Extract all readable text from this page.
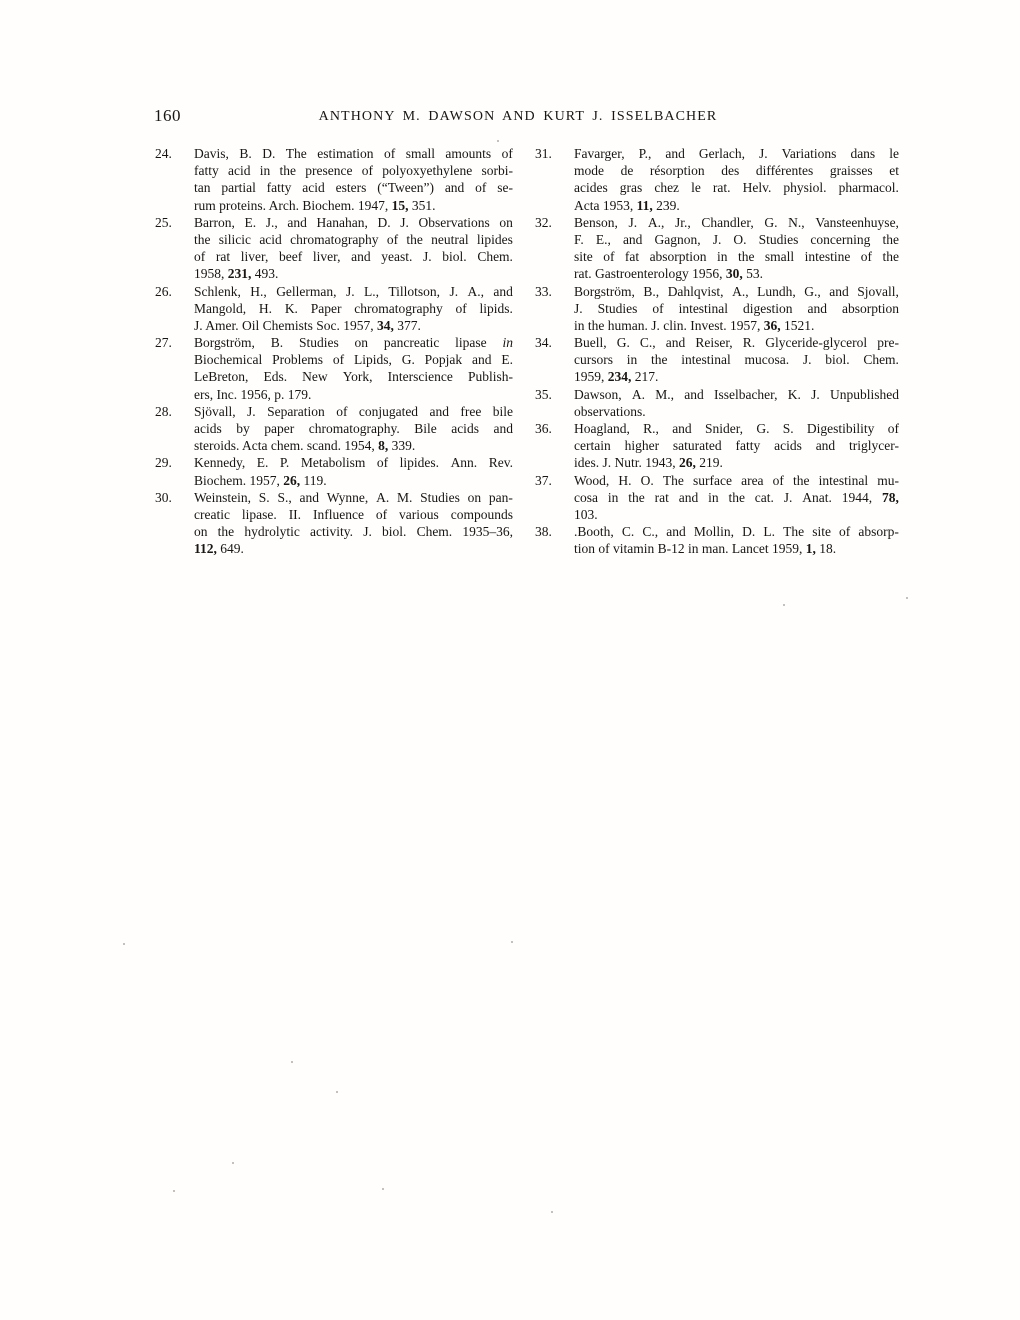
160	ANTHONY M. DAWSON AND KURT J. ISSELBACHER
24. Davis, B. D. The estimation of small amounts of
fatty acid in the presence of polyoxyethylene sorbi-
tan partial fatty acid esters (“Tween”) and of se-
rum proteins. Arch. Biochem. 1947, 15, 351.
25. Barron, E. J., and Hanahan, D. J. Observations on
the silicic acid chromatography of the neutral lipides
of rat liver, beef liver, and yeast. J. biol. Chem.
1958, 231, 493.
26. Schlenk, H., Gellerman, J. L., Tillotson, J. A., and
Mangold, H. K. Paper chromatography of lipids.
J. Amer. Oil Chemists Soc. 1957, 34, 377.
27. Borgström, B. Studies on pancreatic lipase in
Biochemical Problems of Lipids, G. Popjak and E.
LeBreton, Eds. New York, Interscience Publish-
ers, Inc. 1956, p. 179.
28. Sjövall, J. Separation of conjugated and free bile
acids by paper chromatography. Bile acids and
steroids. Acta chem. scand. 1954, 8, 339.
29. Kennedy, E. P. Metabolism of lipides. Ann. Rev.
Biochem. 1957, 26, 119.
30. Weinstein, S. S., and Wynne, A. M. Studies on pan-
creatic lipase. II. Influence of various compounds
on the hydrolytic activity. J. biol. Chem. 1935–36,
112, 649.
31. Favarger, P., and Gerlach, J. Variations dans le
mode de résorption des différentes graisses et
acides gras chez le rat. Helv. physiol. pharmacol.
Acta 1953, 11, 239.
32. Benson, J. A., Jr., Chandler, G. N., Vansteenhuyse,
F. E., and Gagnon, J. O. Studies concerning the
site of fat absorption in the small intestine of the
rat. Gastroenterology 1956, 30, 53.
33. Borgström, B., Dahlqvist, A., Lundh, G., and Sjovall,
J. Studies of intestinal digestion and absorption
in the human. J. clin. Invest. 1957, 36, 1521.
34. Buell, G. C., and Reiser, R. Glyceride-glycerol pre-
cursors in the intestinal mucosa. J. biol. Chem.
1959, 234, 217.
35. Dawson, A. M., and Isselbacher, K. J. Unpublished
observations.
36. Hoagland, R., and Snider, G. S. Digestibility of
certain higher saturated fatty acids and triglycer-
ides. J. Nutr. 1943, 26, 219.
37. Wood, H. O. The surface area of the intestinal mu-
cosa in the rat and in the cat. J. Anat. 1944, 78,
103.
38. .Booth, C. C., and Mollin, D. L. The site of absorp-
tion of vitamin B-12 in man. Lancet 1959, 1, 18.
